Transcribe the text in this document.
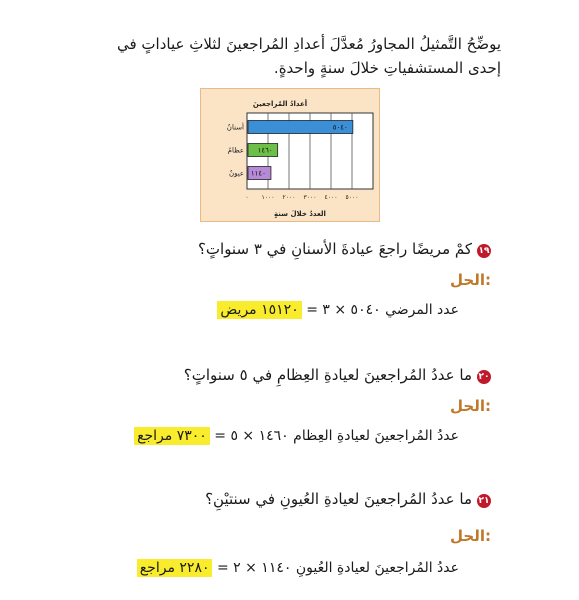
يوضِّحُ التَّمثيلُ المجاورُ مُعدَّلَ أعدادِ المُراجعينَ لثلاثِ عياداتٍ في
إحدى المستشفياتِ خلالَ سنةٍ واحدةٍ.
٠ ١٠٠٠ ٢٠٠٠ ٣٠٠٠ ٤٠٠٠ ٥٠٠٠
أعدادُ المُراجعينَ
العددُ خلالَ سنةٍ
٥٠٤٠
أسنانٌ
١٤٦٠
عظامٌ
١١٤٠
عيونٌ
١٩كمْ مريضًا راجعَ عيادةَ الأسنانِ في ٣ سنواتٍ؟
الحل:
عدد المرضي ٥٠٤٠ × ٣ = ١٥١٢٠ مريض
٢٠ما عددُ المُراجعينَ لعيادةِ العِظامِ في ٥ سنواتٍ؟
الحل:
عددُ المُراجعينَ لعيادةِ العِظام ١٤٦٠ × ٥ = ٧٣٠٠ مراجع
٢١ما عددُ المُراجعينَ لعيادةِ العُيونِ في سنتيْنِ؟
الحل:
عددُ المُراجعينَ لعيادةِ العُيونِ ١١٤٠ × ٢ = ٢٢٨٠ مراجع
